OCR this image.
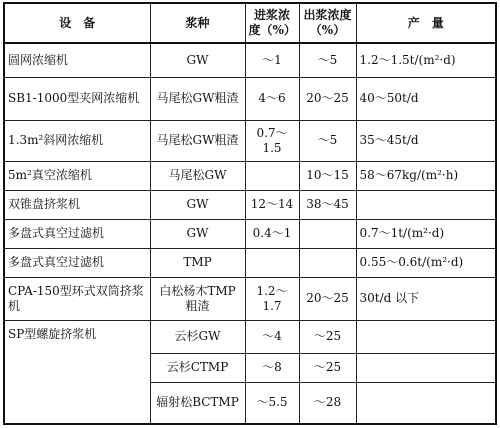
设　备	浆种	进浆浓度（%）	出浆浓度（%）	产　量
圆网浓缩机	GW	～1	～5	1.2～1.5t/(m²·d)
SB1-1000型夹网浓缩机	马尾松GW粗渣	4～6	20～25	40～50t/d
1.3m²斜网浓缩机	马尾松GW粗渣	0.7～1.5	～5	35～45t/d
5m²真空浓缩机	马尾松GW		10～15	58～67kg/(m²·h)
双锥盘挤浆机	GW	12～14	38～45	
多盘式真空过滤机	GW	0.4～1		0.7～1t/(m²·d)
多盘式真空过滤机	TMP			0.55～0.6t/(m²·d)
CPA-150型环式双筒挤浆机	白松杨木TMP粗渣	1.2～1.7	20～25	30t/d 以下
SP型螺旋挤浆机	云杉GW	～4	～25	
	云杉CTMP	～8	～25	
	辐射松BCTMP	～5.5	～28	
